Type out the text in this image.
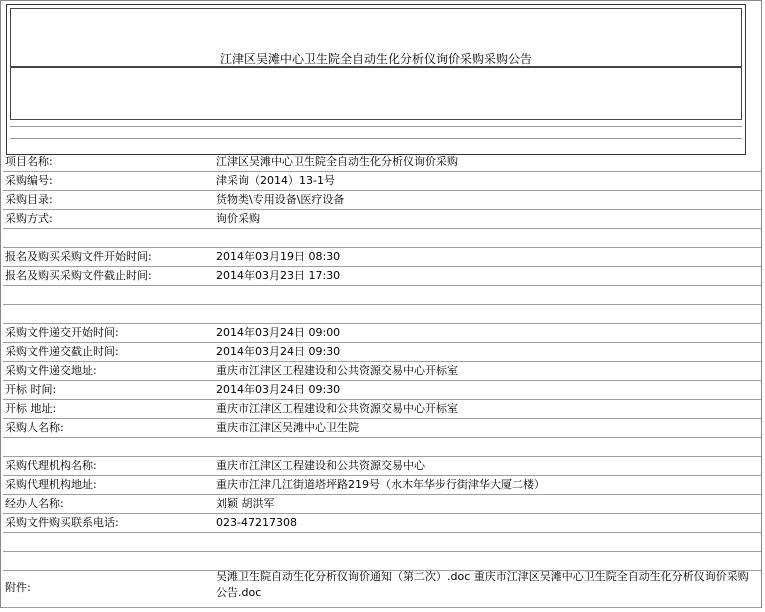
江津区吴滩中心卫生院全自动生化分析仪询价采购采购公告
项目名称:	江津区吴滩中心卫生院全自动生化分析仪询价采购
采购编号:	津采询（2014）13-1号
采购目录:	货物类\专用设备\医疗设备
采购方式:	询价采购
报名及购买采购文件开始时间:	2014年03月19日 08:30
报名及购买采购文件截止时间:	2014年03月23日 17:30
采购文件递交开始时间:	2014年03月24日 09:00
采购文件递交截止时间:	2014年03月24日 09:30
采购文件递交地址:	重庆市江津区工程建设和公共资源交易中心开标室
开标 时间:	2014年03月24日 09:30
开标 地址:	重庆市江津区工程建设和公共资源交易中心开标室
采购人名称:	重庆市江津区吴滩中心卫生院
采购代理机构名称:	重庆市江津区工程建设和公共资源交易中心
采购代理机构地址:	重庆市江津几江街道塔坪路219号（水木年华步行街津华大厦二楼）
经办人名称:	刘颖 胡洪军
采购文件购买联系电话:	023-47217308
附件:
吴滩卫生院自动生化分析仪询价通知（第二次）.doc 重庆市江津区吴滩中心卫生院全自动生化分析仪询价采购公告.doc
